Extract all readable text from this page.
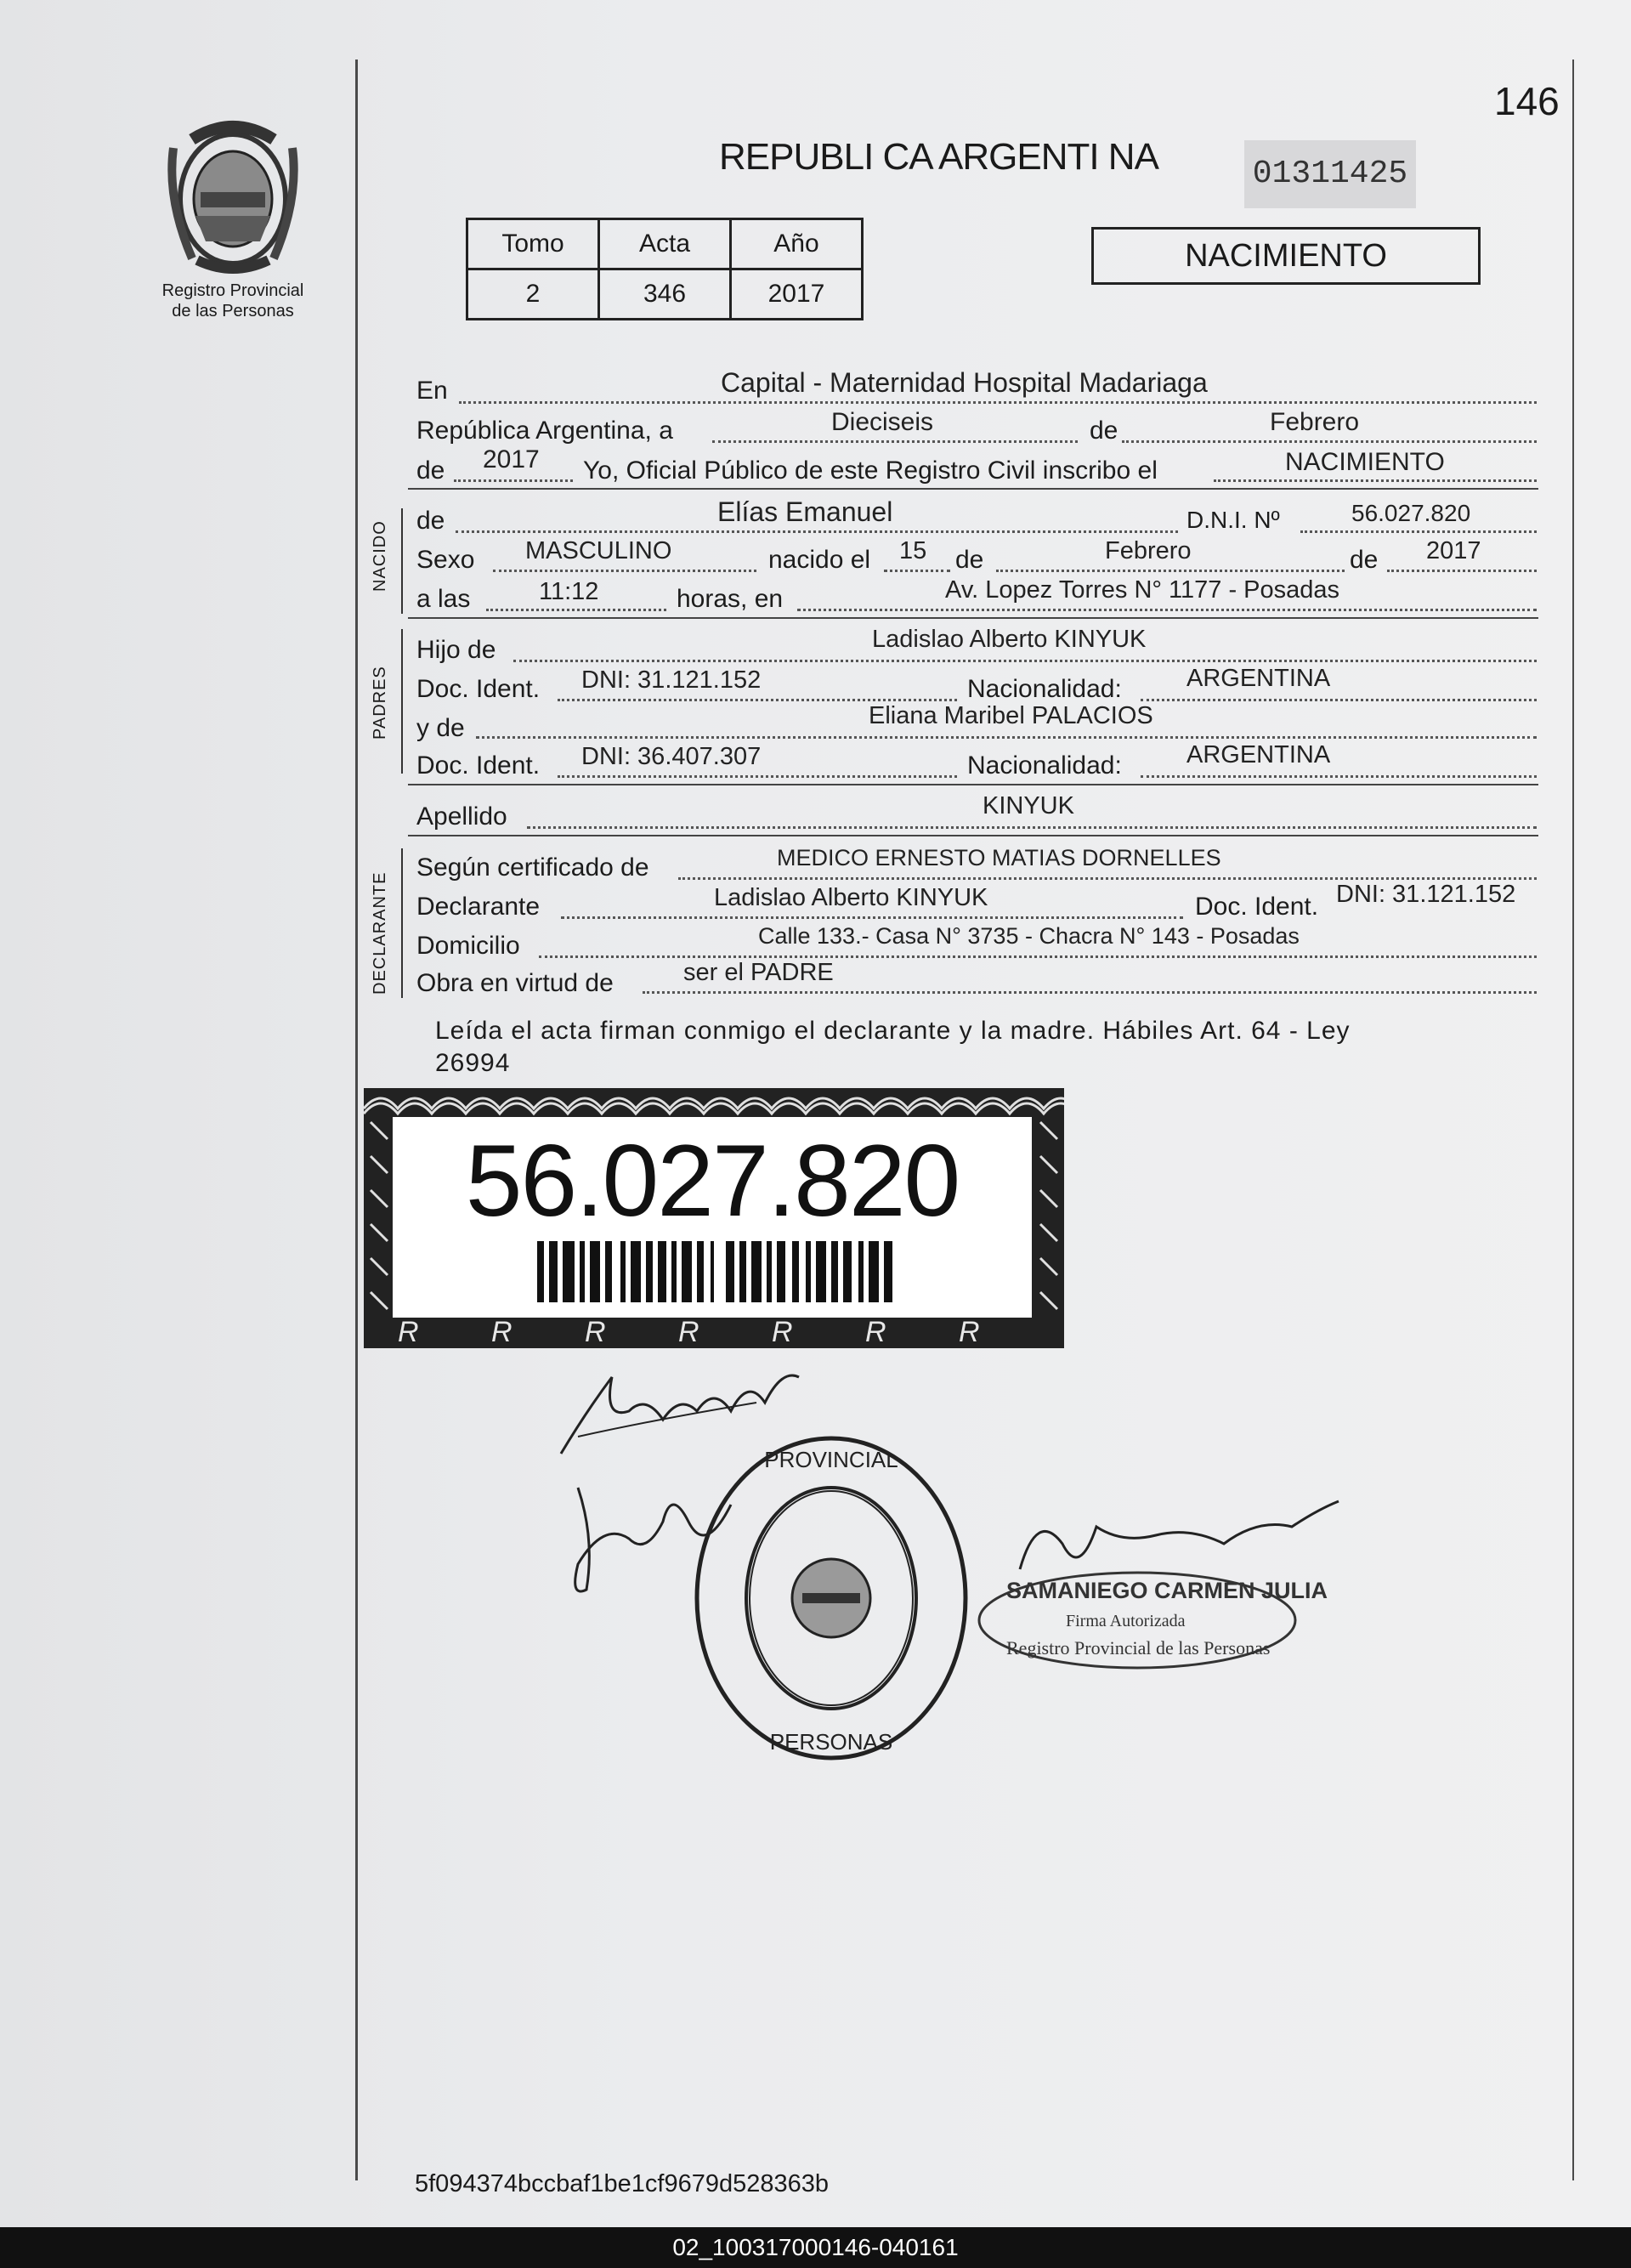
146
Registro Provincial
de las Personas
REPUBLI CA ARGENTI NA	01311425
Tomo	Acta	Año
2	346	2017
NACIMIENTO
En	Capital - Maternidad Hospital Madariaga
República Argentina, a	Dieciseis	de	Febrero
de 2017 Yo, Oficial Público de este Registro Civil inscribo el	NACIMIENTO
NACIDO de	Elías Emanuel	D.N.I. Nº	56.027.820
Sexo MASCULINO	nacido el 15 de	Febrero	de 2017
a las	11:12	horas, en	Av. Lopez Torres N° 1177 - Posadas
PADRES
Hijo de	Ladislao Alberto KINYUK
Doc. Ident. DNI: 31.121.152	Nacionalidad:	ARGENTINA
y de	Eliana Maribel PALACIOS
Doc. Ident. DNI: 36.407.307	Nacionalidad:	ARGENTINA
Apellido	KINYUK
DECLARANTE
Según certificado de	MEDICO ERNESTO MATIAS DORNELLES
Declarante	Ladislao Alberto KINYUK	Doc. Ident. DNI: 31.121.152
Domicilio	Calle 133.- Casa N° 3735 - Chacra N° 143 - Posadas
Obra en virtud de	ser el PADRE
Leída el acta firman conmigo el declarante y la madre. Hábiles Art. 64 - Ley
26994
56.027.820
R	R	R	R	R	R	R
PROVINCIAL
PERSONAS
SAMANIEGO CARMEN JULIA
Firma Autorizada
Registro Provincial de las Personas
5f094374bccbaf1be1cf9679d528363b
02_100317000146-040161
